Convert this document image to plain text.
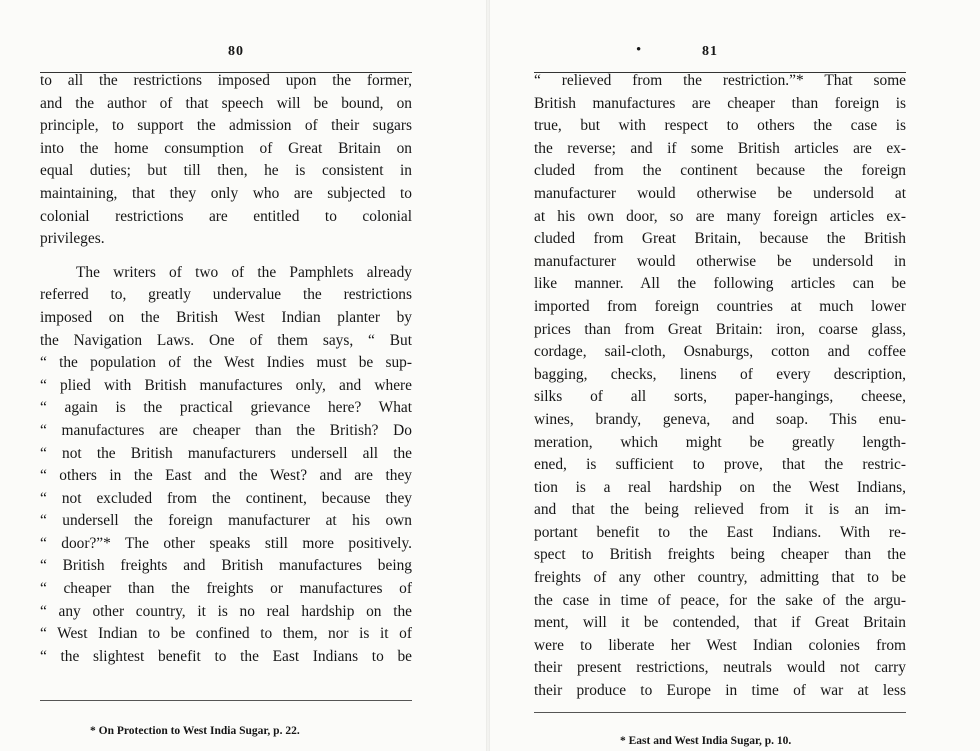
80
to all the restrictions imposed upon the former,
and the author of that speech will be bound, on
principle, to support the admission of their sugars
into the home consumption of Great Britain on
equal duties; but till then, he is consistent in
maintaining, that they only who are subjected to
colonial restrictions are entitled to colonial
privileges.
The writers of two of the Pamphlets already
referred to, greatly undervalue the restrictions
imposed on the British West Indian planter by
the Navigation Laws. One of them says, “ But
“ the population of the West Indies must be sup-
“ plied with British manufactures only, and where
“ again is the practical grievance here? What
“ manufactures are cheaper than the British? Do
“ not the British manufacturers undersell all the
“ others in the East and the West? and are they
“ not excluded from the continent, because they
“ undersell the foreign manufacturer at his own
“ door?”* The other speaks still more positively.
“ British freights and British manufactures being
“ cheaper than the freights or manufactures of
“ any other country, it is no real hardship on the
“ West Indian to be confined to them, nor is it of
“ the slightest benefit to the East Indians to be
* On Protection to West India Sugar, p. 22.
•	81
“ relieved from the restriction.”* That some
British manufactures are cheaper than foreign is
true, but with respect to others the case is
the reverse; and if some British articles are ex-
cluded from the continent because the foreign
manufacturer would otherwise be undersold at
at his own door, so are many foreign articles ex-
cluded from Great Britain, because the British
manufacturer would otherwise be undersold in
like manner. All the following articles can be
imported from foreign countries at much lower
prices than from Great Britain: iron, coarse glass,
cordage, sail-cloth, Osnaburgs, cotton and coffee
bagging, checks, linens of every description,
silks of all sorts, paper-hangings, cheese,
wines, brandy, geneva, and soap. This enu-
meration, which might be greatly length-
ened, is sufficient to prove, that the restric-
tion is a real hardship on the West Indians,
and that the being relieved from it is an im-
portant benefit to the East Indians. With re-
spect to British freights being cheaper than the
freights of any other country, admitting that to be
the case in time of peace, for the sake of the argu-
ment, will it be contended, that if Great Britain
were to liberate her West Indian colonies from
their present restrictions, neutrals would not carry
their produce to Europe in time of war at less
* East and West India Sugar, p. 10.
